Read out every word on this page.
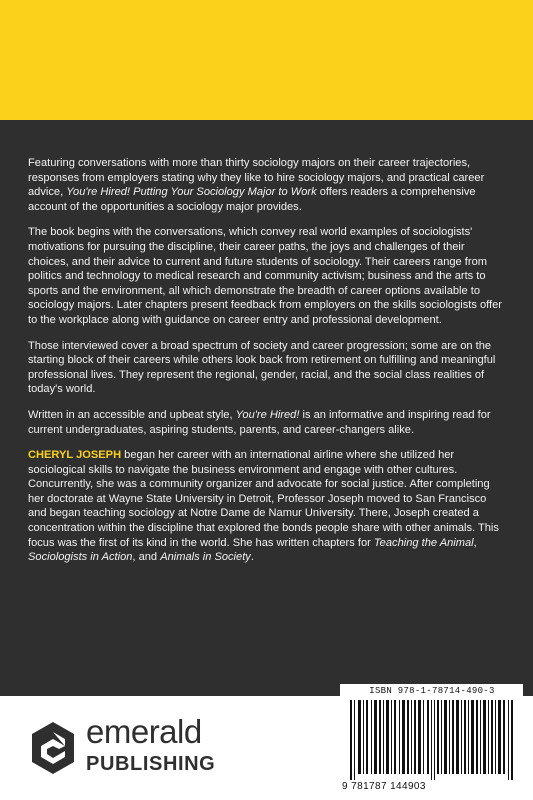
Featuring conversations with more than thirty sociology majors on their career trajectories, responses from employers stating why they like to hire sociology majors, and practical career advice, You're Hired! Putting Your Sociology Major to Work offers readers a comprehensive account of the opportunities a sociology major provides.

The book begins with the conversations, which convey real world examples of sociologists' motivations for pursuing the discipline, their career paths, the joys and challenges of their choices, and their advice to current and future students of sociology. Their careers range from politics and technology to medical research and community activism; business and the arts to sports and the environment, all which demonstrate the breadth of career options available to sociology majors. Later chapters present feedback from employers on the skills sociologists offer to the workplace along with guidance on career entry and professional development.

Those interviewed cover a broad spectrum of society and career progression; some are on the starting block of their careers while others look back from retirement on fulfilling and meaningful professional lives. They represent the regional, gender, racial, and the social class realities of today's world.

Written in an accessible and upbeat style, You're Hired! is an informative and inspiring read for current undergraduates, aspiring students, parents, and career-changers alike.

CHERYL JOSEPH began her career with an international airline where she utilized her sociological skills to navigate the business environment and engage with other cultures. Concurrently, she was a community organizer and advocate for social justice. After completing her doctorate at Wayne State University in Detroit, Professor Joseph moved to San Francisco and began teaching sociology at Notre Dame de Namur University. There, Joseph created a concentration within the discipline that explored the bonds people share with other animals. This focus was the first of its kind in the world. She has written chapters for Teaching the Animal, Sociologists in Action, and Animals in Society.

emerald
PUBLISHING
ISBN 978-1-78714-490-3
9 781787 144903
